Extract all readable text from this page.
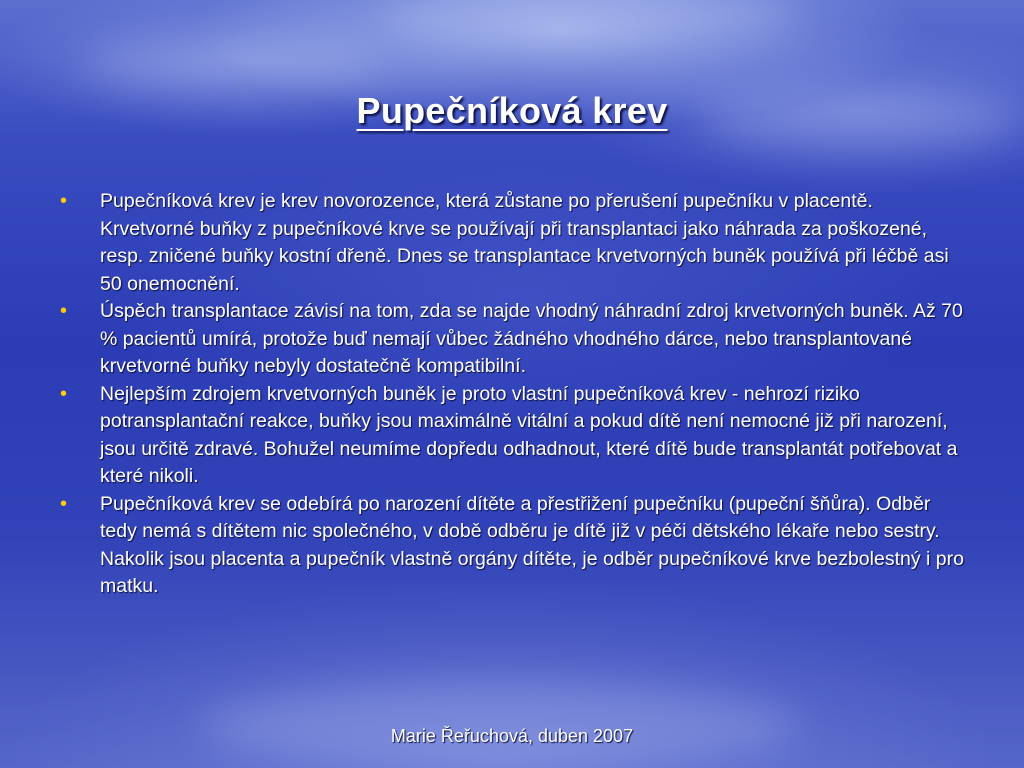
Pupečníková krev
• Pupečníková krev je krev novorozence, která zůstane po přerušení pupečníku v placentě. Krvetvorné buňky z pupečníkové krve se používají při transplantaci jako náhrada za poškozené, resp. zničené buňky kostní dřeně. Dnes se transplantace krvetvorných buněk používá při léčbě asi 50 onemocnění.
• Úspěch transplantace závisí na tom, zda se najde vhodný náhradní zdroj krvetvorných buněk. Až 70 % pacientů umírá, protože buď nemají vůbec žádného vhodného dárce, nebo transplantované krvetvorné buňky nebyly dostatečně kompatibilní.
• Nejlepším zdrojem krvetvorných buněk je proto vlastní pupečníková krev - nehrozí riziko potransplantační reakce, buňky jsou maximálně vitální a pokud dítě není nemocné již při narození, jsou určitě zdravé. Bohužel neumíme dopředu odhadnout, které dítě bude transplantát potřebovat a které nikoli.
• Pupečníková krev se odebírá po narození dítěte a přestřižení pupečníku (pupeční šňůra). Odběr tedy nemá s dítětem nic společného, v době odběru je dítě již v péči dětského lékaře nebo sestry. Nakolik jsou placenta a pupečník vlastně orgány dítěte, je odběr pupečníkové krve bezbolestný i pro matku.
Marie Řeřuchová, duben 2007
